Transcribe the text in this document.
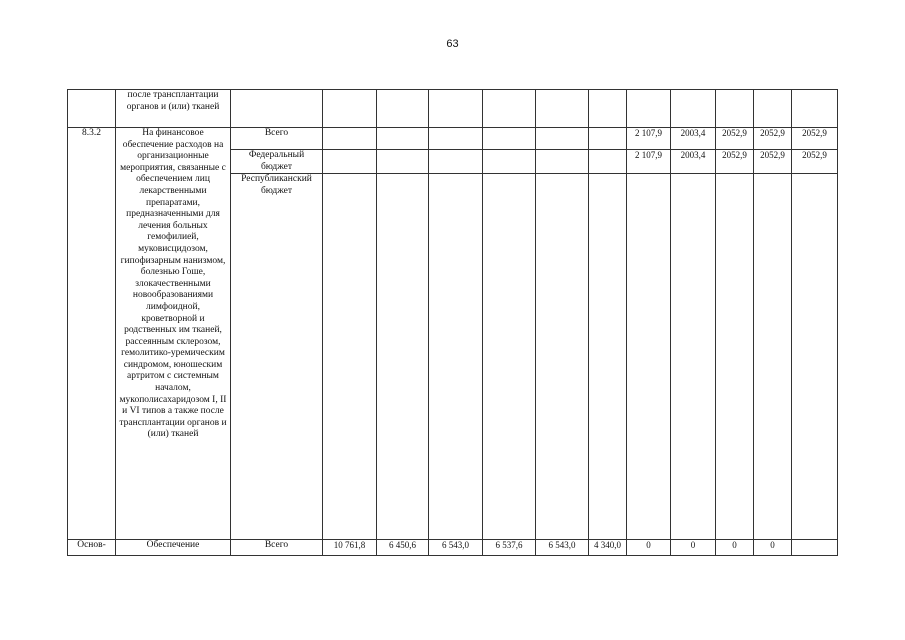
63
	после трансплантации органов и (или) тканей												
8.3.2	На финансовое обеспечение расходов на организационные мероприятия, связанные с обеспечением лиц лекарственными препаратами, предназначенными для лечения больных гемофилией, муковисцидозом, гипофизарным нанизмом, болезнью Гоше, злокачественными новообразованиями лимфоидной, кроветворной и родственных им тканей, рассеянным склерозом, гемолитико-уремическим синдромом, юношеским артритом с системным началом, мукополисахаридозом I, II и VI типов а также после трансплантации органов и (или) тканей	Всего							2 107,9	2003,4	2052,9	2052,9	2052,9
		Федеральный бюджет							2 107,9	2003,4	2052,9	2052,9	2052,9
		Республиканский бюджет											
Основ-	Обеспечение	Всего	10 761,8	6 450,6	6 543,0	6 537,6	6 543,0	4 340,0	0	0	0	0	
